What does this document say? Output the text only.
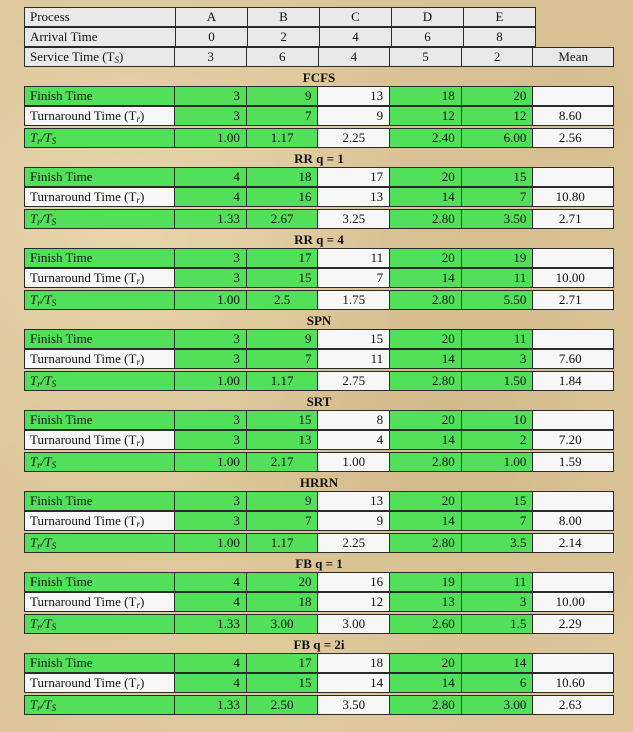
Process	A	B	C	D	E
Arrival Time	0	2	4	6	8
Service Time $(T_S)$	3	6	4	5	2	Mean
FCFS
Finish Time	3	9	13	18	20
Turnaround Time $(T_r)$	3	7	9	12	12	8.60
$T_r/T_S$	1.00	1.17	2.25	2.40	6.00	2.56
RR q = 1
Finish Time	4	18	17	20	15
Turnaround Time $(T_r)$	4	16	13	14	7	10.80
$T_r/T_S$	1.33	2.67	3.25	2.80	3.50	2.71
RR q = 4
Finish Time	3	17	11	20	19
Turnaround Time $(T_r)$	3	15	7	14	11	10.00
$T_r/T_S$	1.00	2.5	1.75	2.80	5.50	2.71
SPN
Finish Time	3	9	15	20	11
Turnaround Time $(T_r)$	3	7	11	14	3	7.60
$T_r/T_S$	1.00	1.17	2.75	2.80	1.50	1.84
SRT
Finish Time	3	15	8	20	10
Turnaround Time $(T_r)$	3	13	4	14	2	7.20
$T_r/T_S$	1.00	2.17	1.00	2.80	1.00	1.59
HRRN
Finish Time	3	9	13	20	15
Turnaround Time $(T_r)$	3	7	9	14	7	8.00
$T_r/T_S$	1.00	1.17	2.25	2.80	3.5	2.14
FB q = 1
Finish Time	4	20	16	19	11
Turnaround Time $(T_r)$	4	18	12	13	3	10.00
$T_r/T_S$	1.33	3.00	3.00	2.60	1.5	2.29
FB q = 2i
Finish Time	4	17	18	20	14
Turnaround Time $(T_r)$	4	15	14	14	6	10.60
$T_r/T_S$	1.33	2.50	3.50	2.80	3.00	2.63
